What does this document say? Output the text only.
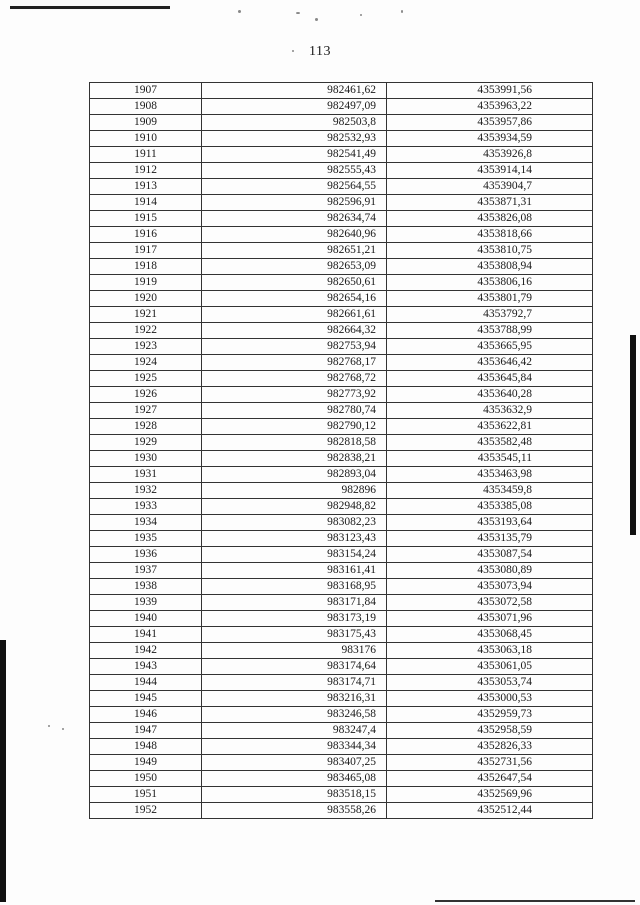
113
1907	982461,62	4353991,56
1908	982497,09	4353963,22
1909	982503,8	4353957,86
1910	982532,93	4353934,59
1911	982541,49	4353926,8
1912	982555,43	4353914,14
1913	982564,55	4353904,7
1914	982596,91	4353871,31
1915	982634,74	4353826,08
1916	982640,96	4353818,66
1917	982651,21	4353810,75
1918	982653,09	4353808,94
1919	982650,61	4353806,16
1920	982654,16	4353801,79
1921	982661,61	4353792,7
1922	982664,32	4353788,99
1923	982753,94	4353665,95
1924	982768,17	4353646,42
1925	982768,72	4353645,84
1926	982773,92	4353640,28
1927	982780,74	4353632,9
1928	982790,12	4353622,81
1929	982818,58	4353582,48
1930	982838,21	4353545,11
1931	982893,04	4353463,98
1932	982896	4353459,8
1933	982948,82	4353385,08
1934	983082,23	4353193,64
1935	983123,43	4353135,79
1936	983154,24	4353087,54
1937	983161,41	4353080,89
1938	983168,95	4353073,94
1939	983171,84	4353072,58
1940	983173,19	4353071,96
1941	983175,43	4353068,45
1942	983176	4353063,18
1943	983174,64	4353061,05
1944	983174,71	4353053,74
1945	983216,31	4353000,53
1946	983246,58	4352959,73
1947	983247,4	4352958,59
1948	983344,34	4352826,33
1949	983407,25	4352731,56
1950	983465,08	4352647,54
1951	983518,15	4352569,96
1952	983558,26	4352512,44
